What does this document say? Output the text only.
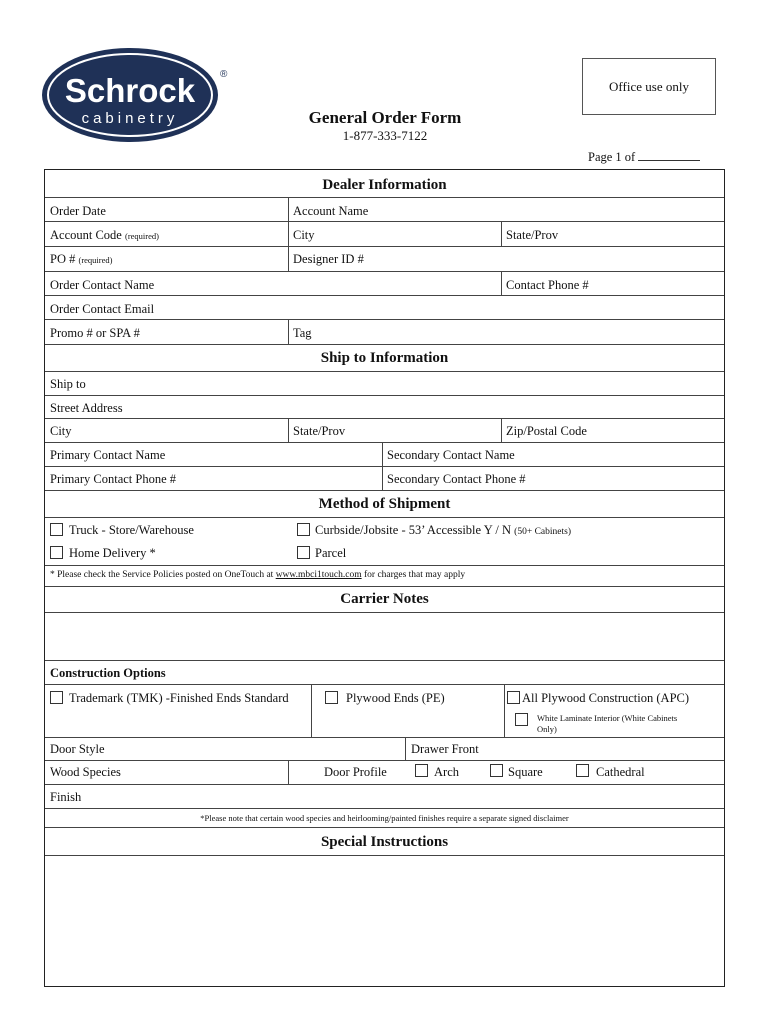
Schrock
cabinetry
®
Office use only
General Order Form
1-877-333-7122
Page 1 of
Dealer Information
Order Date	Account Name
Account Code (required)	City	State/Prov
PO # (required)	Designer ID #
Order Contact Name	Contact Phone #
Order Contact Email
Promo # or SPA #	Tag
Ship to Information
Ship to
Street Address
City	State/Prov	Zip/Postal Code
Primary Contact Name	Secondary Contact Name
Primary Contact Phone #	Secondary Contact Phone #
Method of Shipment
Truck - Store/Warehouse	Curbside/Jobsite - 53’ Accessible Y / N (50+ Cabinets)
Home Delivery *	Parcel
* Please check the Service Policies posted on OneTouch at www.mbci1touch.com for charges that may apply
Carrier Notes
Construction Options
Trademark (TMK) -Finished Ends Standard	Plywood Ends (PE)	All Plywood Construction (APC)
White Laminate Interior (White Cabinets
Only)
Door Style	Drawer Front
Wood Species	Door Profile	Arch	Square	Cathedral
Finish
*Please note that certain wood species and heirlooming/painted finishes require a separate signed disclaimer
Special Instructions
